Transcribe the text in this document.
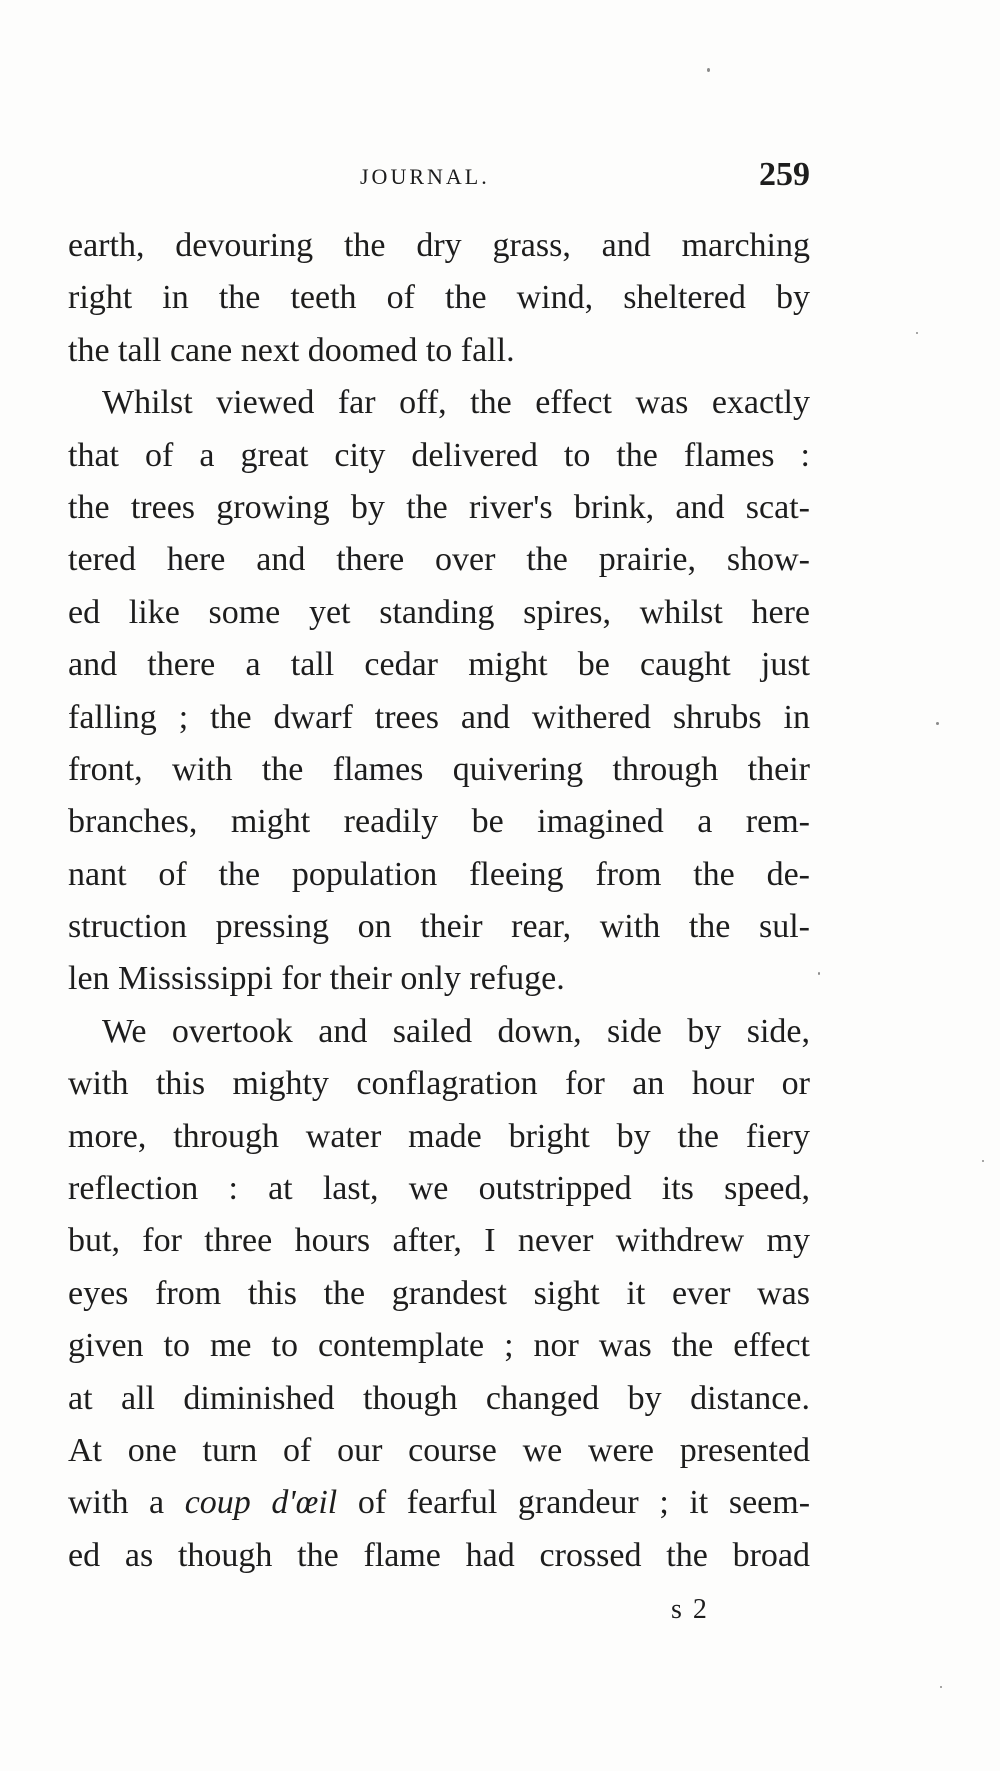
JOURNAL.	259
earth, devouring the dry grass, and marching
right in the teeth of the wind, sheltered by
the tall cane next doomed to fall.
Whilst viewed far off, the effect was exactly
that of a great city delivered to the flames :
the trees growing by the river's brink, and scat-
tered here and there over the prairie, show-
ed like some yet standing spires, whilst here
and there a tall cedar might be caught just
falling ; the dwarf trees and withered shrubs in
front, with the flames quivering through their
branches, might readily be imagined a rem-
nant of the population fleeing from the de-
struction pressing on their rear, with the sul-
len Mississippi for their only refuge.
We overtook and sailed down, side by side,
with this mighty conflagration for an hour or
more, through water made bright by the fiery
reflection : at last, we outstripped its speed,
but, for three hours after, I never withdrew my
eyes from this the grandest sight it ever was
given to me to contemplate ; nor was the effect
at all diminished though changed by distance.
At one turn of our course we were presented
with a coup d'œil of fearful grandeur ; it seem-
ed as though the flame had crossed the broad
s 2
